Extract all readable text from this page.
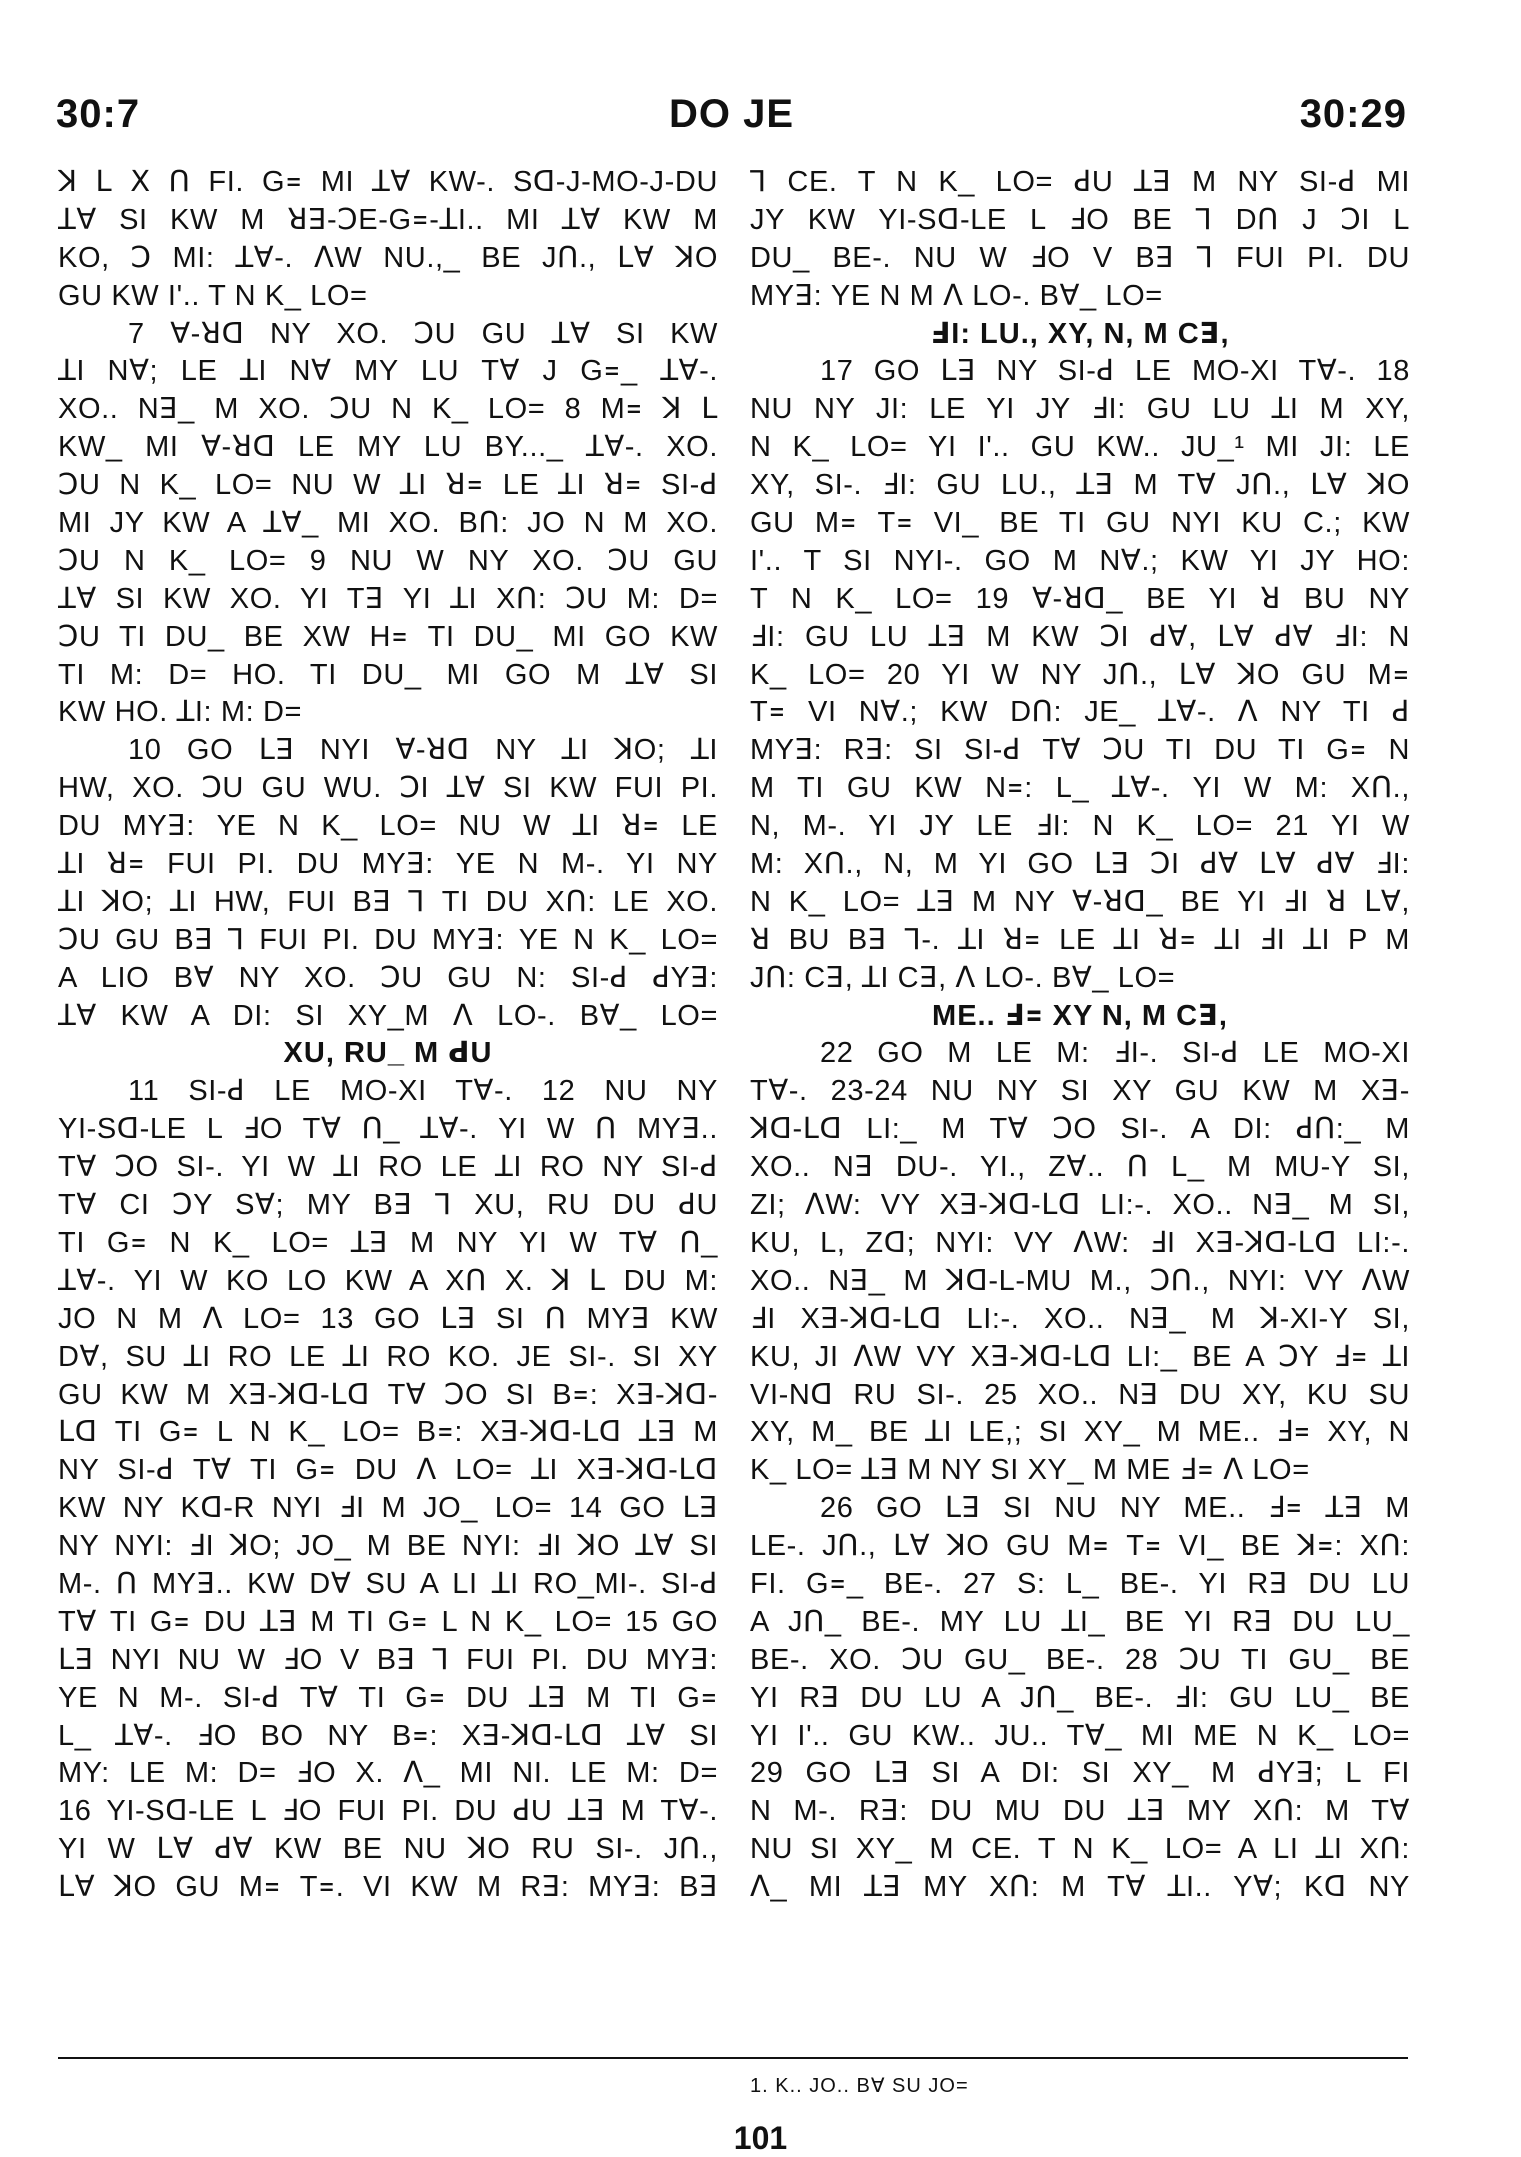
DO JE
30:7	30:29
ꓘ ꓡ ꓫ ꓵ FI. G꓿ MI ꓕꓯ KW-. Sꓷ-J-MO-J-DU
ꓕꓯ SI KW M ꓤꓱ-ꓛE-G꓿-ꓕI.. MI ꓕꓯ KW M
KO, ꓛ MI: ꓕꓯ-. ꓥW NU.,_ BE Jꓵ., ꓡꓯ ꓘO
GU KW I'.. T N K_ LO=
7 ꓯ-ꓤꓷ NY XO. ꓛU GU ꓕꓯ SI KW
ꓕI Nꓯ; LE ꓕI Nꓯ MY LU Tꓯ J G꓿_ ꓕꓯ-.
XO.. Nꓱ_ M XO. ꓛU N K_ LO= 8 M꓿ ꓘ ꓡ
KW_ MI ꓯ-ꓤꓷ LE MY LU BY..._ ꓕꓯ-. XO.
ꓛU N K_ LO= NU W ꓕI ꓤ꓿ LE ꓕI ꓤ꓿ SI-ꓒ
MI JY KW A ꓕꓯ_ MI XO. Bꓵ: JO N M XO.
ꓛU N K_ LO= 9 NU W NY XO. ꓛU GU
ꓕꓯ SI KW XO. YI Tꓱ YI ꓕI Xꓵ: ꓛU M: D=
ꓛU TI DU_ BE XW H꓿ TI DU_ MI GO KW
TI M: D= HO. TI DU_ MI GO M ꓕꓯ SI
KW HO. ꓕI: M: D=
10 GO ꓡꓱ NYI ꓯ-ꓤꓷ NY ꓕI ꓘO; ꓕI
HW, XO. ꓛU GU WU. ꓛI ꓕꓯ SI KW FUI PI.
DU MYꓱ: YE N K_ LO= NU W ꓕI ꓤ꓿ LE
ꓕI ꓤ꓿ FUI PI. DU MYꓱ: YE N M-. YI NY
ꓕI ꓘO; ꓕI HW, FUI Bꓱ ꓶ TI DU Xꓵ: LE XO.
ꓛU GU Bꓱ ꓶ FUI PI. DU MYꓱ: YE N K_ LO=
A LIO Bꓯ NY XO. ꓛU GU N: SI-ꓒ ꓒYꓱ:
ꓕꓯ KW A DI: SI XY_M ꓥ LO-. Bꓯ_ LO=
XU, RU_ M ꓒU
11 SI-ꓒ LE MO-XI Tꓯ-. 12 NU NY
YI-Sꓷ-LE L ꓞO Tꓯ ꓵ_ ꓕꓯ-. YI W ꓵ MYꓱ..
Tꓯ ꓛO SI-. YI W ꓕI RO LE ꓕI RO NY SI-ꓒ
Tꓯ CI ꓛY Sꓯ; MY Bꓱ ꓶ XU, RU DU ꓒU
TI G꓿ N K_ LO= ꓕꓱ M NY YI W Tꓯ ꓵ_
ꓕꓯ-. YI W KO LO KW A Xꓵ X. ꓘ ꓡ DU M:
JO N M ꓥ LO= 13 GO ꓡꓱ SI ꓵ MYꓱ KW
Dꓯ, SU ꓕI RO LE ꓕI RO KO. JE SI-. SI XY
GU KW M Xꓱ-ꓘꓷ-ꓡꓷ Tꓯ ꓛO SI B꓿: Xꓱ-ꓘꓷ-
ꓡꓷ TI G꓿ L N K_ LO= B꓿: Xꓱ-ꓘꓷ-ꓡꓷ ꓕꓱ M
NY SI-ꓒ Tꓯ TI G꓿ DU ꓥ LO= ꓕI Xꓱ-ꓘꓷ-ꓡꓷ
KW NY Kꓷ-R NYI ꓞI M JO_ LO= 14 GO ꓡꓱ
NY NYI: ꓞI ꓘO; JO_ M BE NYI: ꓞI ꓘO ꓕꓯ SI
M-. ꓵ MYꓱ.. KW Dꓯ SU A LI ꓕI RO_MI-. SI-ꓒ
Tꓯ TI G꓿ DU ꓕꓱ M TI G꓿ L N K_ LO= 15 GO
ꓡꓱ NYI NU W ꓞO V Bꓱ ꓶ FUI PI. DU MYꓱ:
YE N M-. SI-ꓒ Tꓯ TI G꓿ DU ꓕꓱ M TI G꓿
L_ ꓕꓯ-. ꓞO BO NY B꓿: Xꓱ-ꓘꓷ-ꓡꓷ ꓕꓯ SI
MY: LE M: D= ꓞO X. ꓥ_ MI NI. LE M: D=
16 YI-Sꓷ-LE L ꓞO FUI PI. DU ꓒU ꓕꓱ M Tꓯ-.
YI W ꓡꓯ ꓒꓯ KW BE NU ꓘO RU SI-. Jꓵ.,
ꓡꓯ ꓘO GU M꓿ T꓿. VI KW M Rꓱ: MYꓱ: Bꓱ
ꓶ CE. T N K_ LO= ꓒU ꓕꓱ M NY SI-ꓒ MI
JY KW YI-Sꓷ-LE L ꓞO BE ꓶ Dꓵ J ꓛI L
DU_ BE-. NU W ꓞO V Bꓱ ꓶ FUI PI. DU
MYꓱ: YE N M ꓥ LO-. Bꓯ_ LO=
ꓞI: LU., XY, N, M Cꓱ,
17 GO ꓡꓱ NY SI-ꓒ LE MO-XI Tꓯ-. 18
NU NY JI: LE YI JY ꓞI: GU LU ꓕI M XY,
N K_ LO= YI I'.. GU KW.. JU_¹ MI JI: LE
XY, SI-. ꓞI: GU LU., ꓕꓱ M Tꓯ Jꓵ., ꓡꓯ ꓘO
GU M꓿ T꓿ VI_ BE TI GU NYI KU C.; KW
I'.. T SI NYI-. GO M Nꓯ.; KW YI JY HO:
T N K_ LO= 19 ꓯ-ꓤꓷ_ BE YI ꓤ BU NY
ꓞI: GU LU ꓕꓱ M KW ꓛI ꓒꓯ, ꓡꓯ ꓒꓯ ꓞI: N
K_ LO= 20 YI W NY Jꓵ., ꓡꓯ ꓘO GU M꓿
T꓿ VI Nꓯ.; KW Dꓵ: JE_ ꓕꓯ-. ꓥ NY TI ꓒ
MYꓱ: Rꓱ: SI SI-ꓒ Tꓯ ꓛU TI DU TI G꓿ N
M TI GU KW N꓿: L_ ꓕꓯ-. YI W M: Xꓵ.,
N, M-. YI JY LE ꓞI: N K_ LO= 21 YI W
M: Xꓵ., N, M YI GO ꓡꓱ ꓛI ꓒꓯ ꓡꓯ ꓒꓯ ꓞI:
N K_ LO= ꓕꓱ M NY ꓯ-ꓤꓷ_ BE YI ꓞI ꓤ ꓡꓯ,
ꓤ BU Bꓱ ꓶ-. ꓕI ꓤ꓿ LE ꓕI ꓤ꓿ ꓕI ꓞI ꓕI P M
Jꓵ: Cꓱ, ꓕI Cꓱ, ꓥ LO-. Bꓯ_ LO=
ME.. ꓞ꓿ XY N, M Cꓱ,
22 GO M LE M: ꓞI-. SI-ꓒ LE MO-XI
Tꓯ-. 23-24 NU NY SI XY GU KW M Xꓱ-
ꓘꓷ-ꓡꓷ LI:_ M Tꓯ ꓛO SI-. A DI: ꓒꓵ:_ M
XO.. Nꓱ DU-. YI., Zꓯ.. ꓵ L_ M MU-Y SI,
ZI; ꓥW: VY Xꓱ-ꓘꓷ-ꓡꓷ LI:-. XO.. Nꓱ_ M SI,
KU, L, Zꓷ; NYI: VY ꓥW: ꓞI Xꓱ-ꓘꓷ-ꓡꓷ LI:-.
XO.. Nꓱ_ M ꓘꓷ-L-MU M., ꓛꓵ., NYI: VY ꓥW
ꓞI Xꓱ-ꓘꓷ-ꓡꓷ LI:-. XO.. Nꓱ_ M ꓘ-XI-Y SI,
KU, JI ꓥW VY Xꓱ-ꓘꓷ-ꓡꓷ LI:_ BE A ꓛY ꓞ꓿ ꓕI
VI-Nꓷ RU SI-. 25 XO.. Nꓱ DU XY, KU SU
XY, M_ BE ꓕI LE,; SI XY_ M ME.. ꓞ꓿ XY, N
K_ LO= ꓕꓱ M NY SI XY_ M ME ꓞ꓿ ꓥ LO=
26 GO ꓡꓱ SI NU NY ME.. ꓞ꓿ ꓕꓱ M
LE-. Jꓵ., ꓡꓯ ꓘO GU M꓿ T꓿ VI_ BE ꓘ꓿: Xꓵ:
FI. G꓿_ BE-. 27 S: L_ BE-. YI Rꓱ DU LU
A Jꓵ_ BE-. MY LU ꓕI_ BE YI Rꓱ DU LU_
BE-. XO. ꓛU GU_ BE-. 28 ꓛU TI GU_ BE
YI Rꓱ DU LU A Jꓵ_ BE-. ꓞI: GU LU_ BE
YI I'.. GU KW.. JU.. Tꓯ_ MI ME N K_ LO=
29 GO ꓡꓱ SI A DI: SI XY_ M ꓒYꓱ; L FI
N M-. Rꓱ: DU MU DU ꓕꓱ MY Xꓵ: M Tꓯ
NU SI XY_ M CE. T N K_ LO= A LI ꓕI Xꓵ:
ꓥ_ MI ꓕꓱ MY Xꓵ: M Tꓯ ꓕI.. Yꓯ; Kꓷ NY
1. K.. JO.. Bꓯ SU JO=
101
